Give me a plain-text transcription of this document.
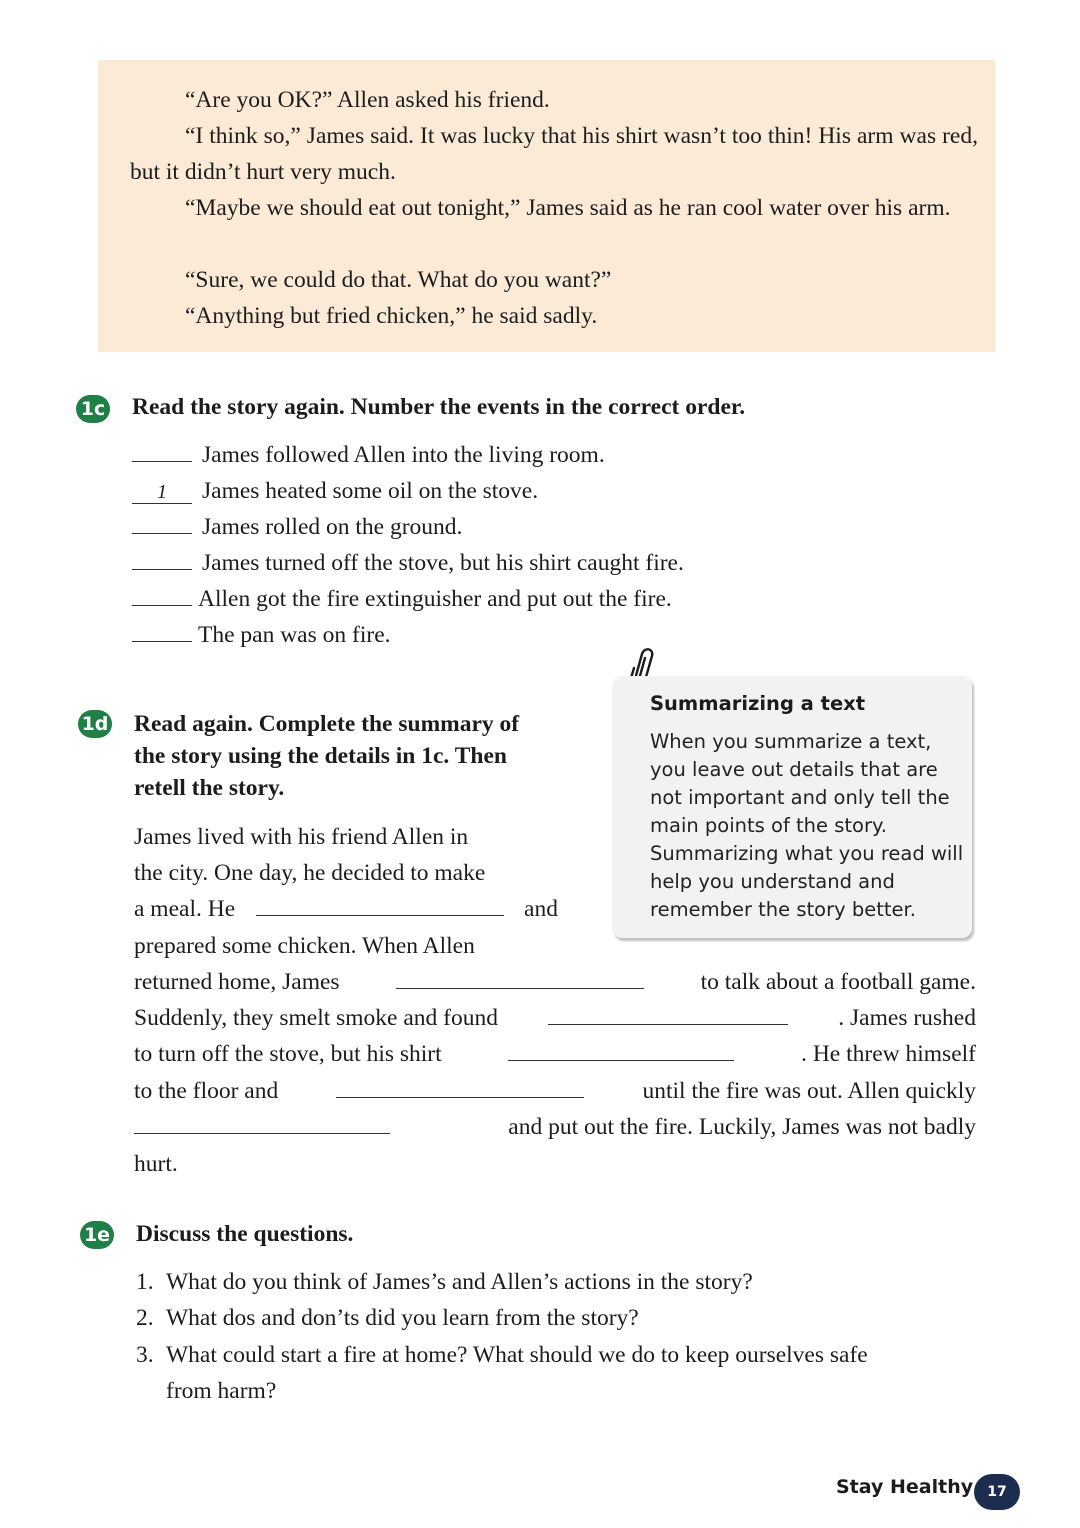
“Are you OK?” Allen asked his friend.

“I think so,” James said. It was lucky that his shirt wasn’t too thin! His arm was red, but it didn’t hurt very much.

“Maybe we should eat out tonight,” James said as he ran cool water over his arm.

“Sure, we could do that. What do you want?”

“Anything but fried chicken,” he said sadly.

1c Read the story again. Number the events in the correct order.
James followed Allen into the living room.
1 James heated some oil on the stove.
James rolled on the ground.
James turned off the stove, but his shirt caught fire.
Allen got the fire extinguisher and put out the fire.
The pan was on fire.
Summarizing a text
When you summarize a text, you leave out details that are not important and only tell the main points of the story. Summarizing what you read will help you understand and remember the story better.
1d Read again. Complete the summary of
the story using the details in 1c. Then
retell the story.
James lived with his friend Allen in
the city. One day, he decided to make
a meal. He	and
prepared some chicken. When Allen
returned home, James	to talk about a football game.
Suddenly, they smelt smoke and found	. James rushed
to turn off the stove, but his shirt	. He threw himself
to the floor and	until the fire was out. Allen quickly
and put out the fire. Luckily, James was not badly
hurt.
1e Discuss the questions.
1. What do you think of James’s and Allen’s actions in the story?
2. What dos and don’ts did you learn from the story?
3. What could start a fire at home? What should we do to keep ourselves safe
from harm?
Stay Healthy	17
